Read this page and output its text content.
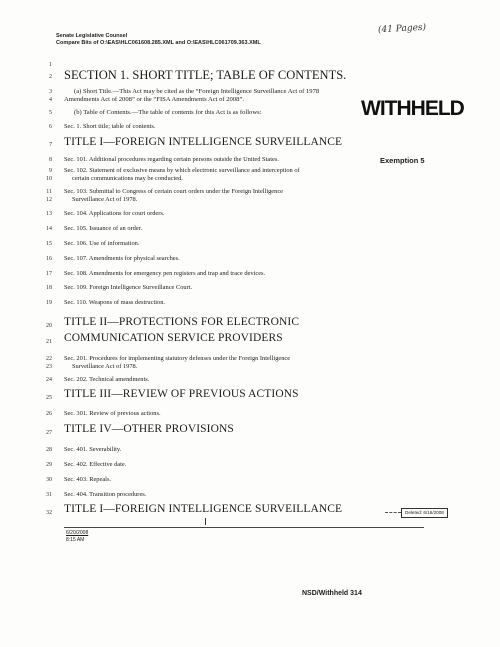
Senate Legislative Counsel
Compare Bits of O:\EAS\HLC061608.285.XML and O:\EAS\HLC061709.363.XML
(41 Pages)
WITHHELD
Exemption 5
1
2 SECTION 1. SHORT TITLE; TABLE OF CONTENTS.
3	(a) Short Title.—This Act may be cited as the “Foreign Intelligence Surveillance Act of 1978
4 Amendments Act of 2008” or the “FISA Amendments Act of 2008”.
5	(b) Table of Contents.—The table of contents for this Act is as follows:
6 Sec. 1. Short title; table of contents.
7 TITLE I—FOREIGN INTELLIGENCE SURVEILLANCE
8 Sec. 101. Additional procedures regarding certain persons outside the United States.
9 Sec. 102. Statement of exclusive means by which electronic surveillance and interception of
10	certain communications may be conducted.
11 Sec. 103. Submittal to Congress of certain court orders under the Foreign Intelligence
12	Surveillance Act of 1978.
13 Sec. 104. Applications for court orders.
14 Sec. 105. Issuance of an order.
15 Sec. 106. Use of information.
16 Sec. 107. Amendments for physical searches.
17 Sec. 108. Amendments for emergency pen registers and trap and trace devices.
18 Sec. 109. Foreign Intelligence Surveillance Court.
19 Sec. 110. Weapons of mass destruction.
20 TITLE II—PROTECTIONS FOR ELECTRONIC
21 COMMUNICATION SERVICE PROVIDERS
22 Sec. 201. Procedures for implementing statutory defenses under the Foreign Intelligence
23	Surveillance Act of 1978.
24 Sec. 202. Technical amendments.
25 TITLE III—REVIEW OF PREVIOUS ACTIONS
26 Sec. 301. Review of previous actions.
27 TITLE IV—OTHER PROVISIONS
28 Sec. 401. Severability.
29 Sec. 402. Effective date.
30 Sec. 403. Repeals.
31 Sec. 404. Transition procedures.
32 TITLE I—FOREIGN INTELLIGENCE SURVEILLANCE	Deleted: 6/16/2008
6/20/2008
8:15 AM
NSD/Withheld 314
